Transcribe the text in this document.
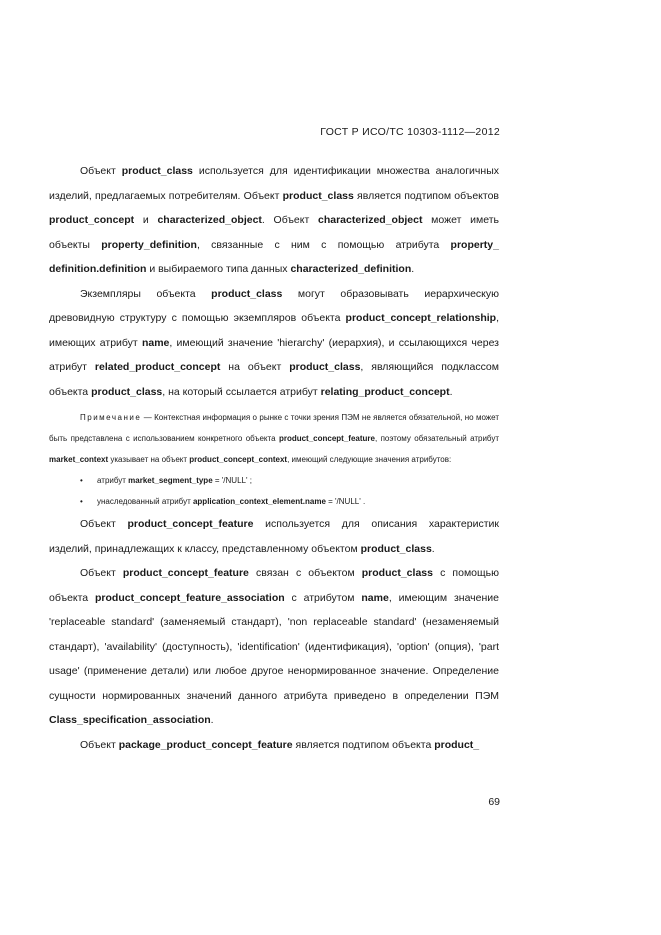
ГОСТ Р ИСО/ТС 10303-1112—2012

Объект product_class используется для идентификации множества аналогичных изделий, предлагаемых потребителям. Объект product_class является подтипом объектов product_concept и characterized_object. Объект characterized_object может иметь объекты property_definition, связанные с ним с помощью атрибута property_ definition.definition и выбираемого типа данных characterized_definition.

Экземпляры объекта product_class могут образовывать иерархическую древовидную структуру с помощью экземпляров объекта product_concept_relationship, имеющих атрибут name, имеющий значение 'hierarchy' (иерархия), и ссылающихся через атрибут related_product_concept на объект product_class, являющийся подклассом объекта product_class, на который ссылается атрибут relating_product_concept.

Примечание — Контекстная информация о рынке с точки зрения ПЭМ не является обязательной, но может быть представлена с использованием конкретного объекта product_concept_feature, поэтому обязательный атрибут market_context указывает на объект product_concept_context, имеющий следующие значения атрибутов:

• атрибут market_segment_type = '/NULL' ;
• унаследованный атрибут application_context_element.name = '/NULL' .

Объект product_concept_feature используется для описания характеристик изделий, принадлежащих к классу, представленному объектом product_class.

Объект product_concept_feature связан с объектом product_class с помощью объекта product_concept_feature_association с атрибутом name, имеющим значение 'replaceable standard' (заменяемый стандарт), 'non replaceable standard' (незаменяемый стандарт), 'availability' (доступность), 'identification' (идентификация), 'option' (опция), 'part usage' (применение детали) или любое другое ненормированное значение. Определение сущности нормированных значений данного атрибута приведено в определении ПЭМ Class_specification_association.

Объект package_product_concept_feature является подтипом объекта product_

69
